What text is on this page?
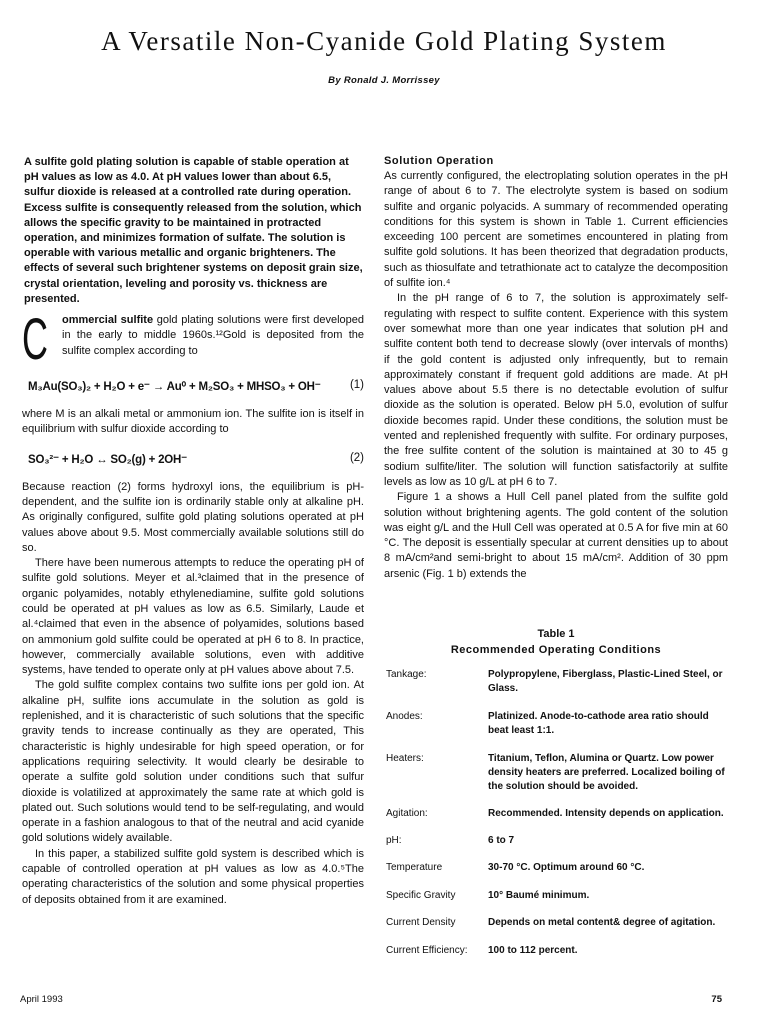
A Versatile Non-Cyanide Gold Plating System
By Ronald J. Morrissey
A sulfite gold plating solution is capable of stable operation at pH values as low as 4.0. At pH values lower than about 6.5, sulfur dioxide is released at a controlled rate during operation. Excess sulfite is consequently released from the solution, which allows the specific gravity to be maintained in protracted operation, and minimizes formation of sulfate. The solution is operable with various metallic and organic brighteners. The effects of several such brightener systems on deposit grain size, crystal orientation, leveling and porosity vs. thickness are presented.
C ommercial sulfite gold plating solutions were first developed in the early to middle 1960s.¹²Gold is deposited from the sulfite complex according to
M₃Au(SO₃)₂ + H₂O + e⁻ → Au⁰ + M₂SO₃ + MHSO₃ + OH⁻	(1)

where M is an alkali metal or ammonium ion. The sulfite ion is itself in equilibrium with sulfur dioxide according to

SO₃²⁻ + H₂O ↔ SO₂(g) + 2OH⁻	(2)

Because reaction (2) forms hydroxyl ions, the equilibrium is pH-dependent, and the sulfite ion is ordinarily stable only at alkaline pH. As originally configured, sulfite gold plating solutions operated at pH values above about 9.5. Most commercially available solutions still do so.

There have been numerous attempts to reduce the operating pH of sulfite gold solutions. Meyer et al.³claimed that in the presence of organic polyamides, notably ethylenediamine, sulfite gold solutions could be operated at pH values as low as 6.5. Similarly, Laude et al.⁴claimed that even in the absence of polyamides, solutions based on ammonium gold sulfite could be operated at pH 6 to 8. In practice, however, commercially available solutions, even with additive systems, have tended to operate only at pH values above about 7.5.

The gold sulfite complex contains two sulfite ions per gold ion. At alkaline pH, sulfite ions accumulate in the solution as gold is replenished, and it is characteristic of such solutions that the specific gravity tends to increase continually as they are operated, This characteristic is highly undesirable for high speed operation, or for applications requiring selectivity. It would clearly be desirable to operate a sulfite gold solution under conditions such that sulfur dioxide is volatilized at approximately the same rate at which gold is plated out. Such solutions would tend to be self-regulating, and would operate in a fashion analogous to that of the neutral and acid cyanide gold solutions widely available.

In this paper, a stabilized sulfite gold system is described which is capable of controlled operation at pH values as low as 4.0.⁵The operating characteristics of the solution and some physical properties of deposits obtained from it are examined.

Solution Operation

As currently configured, the electroplating solution operates in the pH range of about 6 to 7. The electrolyte system is based on sodium sulfite and organic polyacids. A summary of recommended operating conditions for this system is shown in Table 1. Current efficiencies exceeding 100 percent are sometimes encountered in plating from sulfite gold solutions. It has been theorized that degradation products, such as thiosulfate and tetrathionate act to catalyze the decomposition of sulfite ion.⁴

In the pH range of 6 to 7, the solution is approximately self-regulating with respect to sulfite content. Experience with this system over somewhat more than one year indicates that solution pH and sulfite content both tend to decrease slowly (over intervals of months) if the gold content is adjusted only infrequently, but to remain approximately constant if frequent gold additions are made. At pH values above about 5.5 there is no detectable evolution of sulfur dioxide as the solution is operated. Below pH 5.0, evolution of sulfur dioxide becomes rapid. Under these conditions, the solution must be vented and replenished frequently with sulfite. For ordinary purposes, the free sulfite content of the solution is maintained at 30 to 45 g sodium sulfite/liter. The solution will function satisfactorily at sulfite levels as low as 10 g/L at pH 6 to 7.

Figure 1 a shows a Hull Cell panel plated from the sulfite gold solution without brightening agents. The gold content of the solution was eight g/L and the Hull Cell was operated at 0.5 A for five min at 60 °C. The deposit is essentially specular at current densities up to about 8 mA/cm²and semi-bright to about 15 mA/cm². Addition of 30 ppm arsenic (Fig. 1 b) extends the

Table 1
Recommended Operating Conditions
Tankage:	Polypropylene, Fiberglass, Plastic-Lined Steel, or Glass.
Anodes:	Platinized. Anode-to-cathode area ratio should beat least 1:1.
Heaters:	Titanium, Teflon, Alumina or Quartz. Low power density heaters are preferred. Localized boiling of the solution should be avoided.
Agitation:	Recommended. Intensity depends on application.
pH:	6 to 7
Temperature	30-70 °C. Optimum around 60 °C.
Specific Gravity	10° Baumé minimum.
Current Density	Depends on metal content& degree of agitation.
Current Efficiency:	100 to 112 percent.
April 1993	75
